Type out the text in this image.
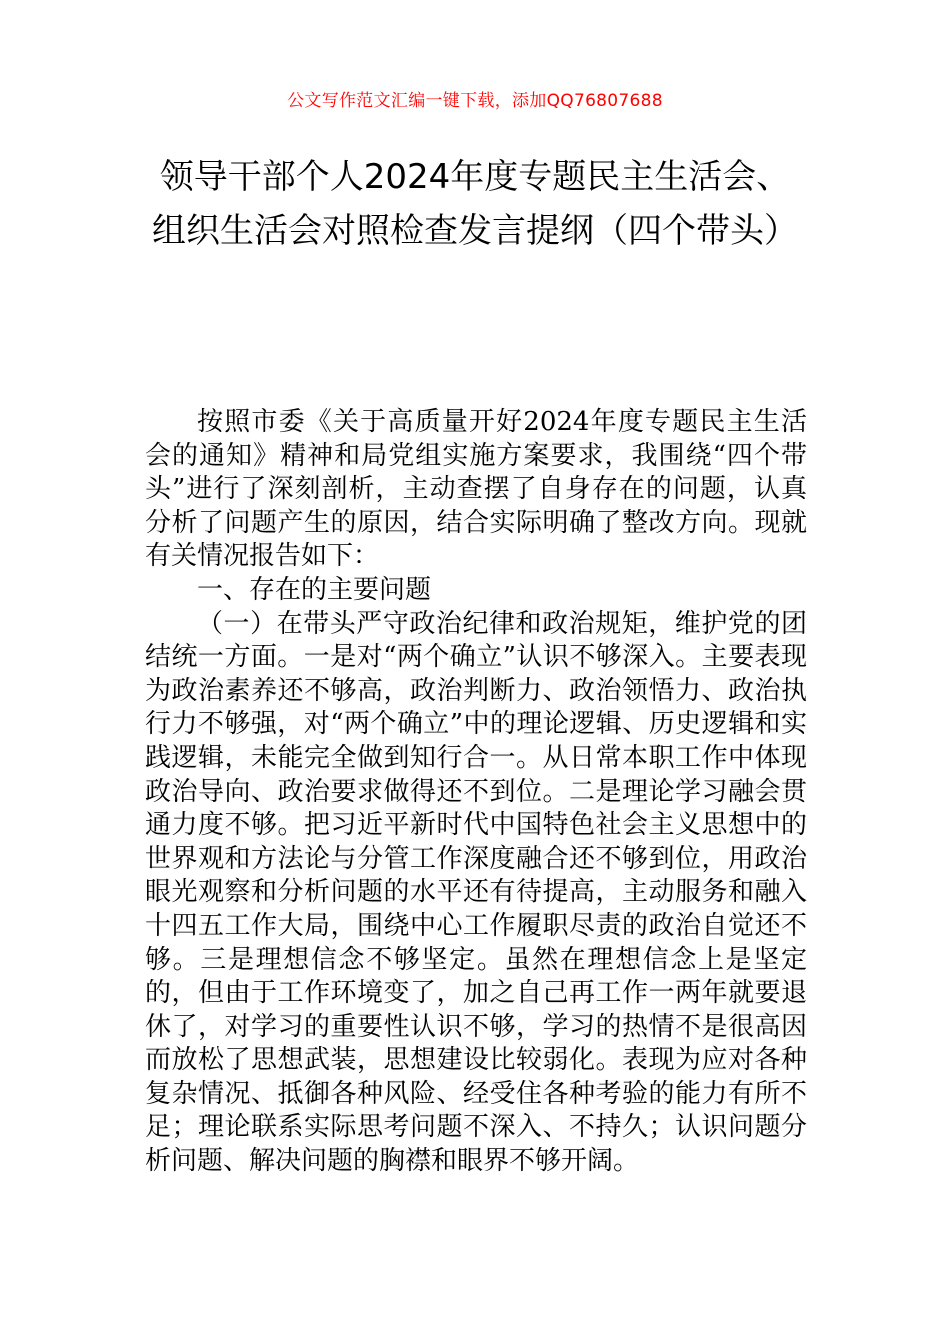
公文写作范文汇编一键下载，添加QQ76807688
领导干部个人2024年度专题民主生活会、组织生活会对照检查发言提纲（四个带头）

按照市委《关于高质量开好2024年度专题民主生活会的通知》精神和局党组实施方案要求，我围绕“四个带头”进行了深刻剖析，主动查摆了自身存在的问题，认真分析了问题产生的原因，结合实际明确了整改方向。现就有关情况报告如下：

一、存在的主要问题

（一）在带头严守政治纪律和政治规矩，维护党的团结统一方面。一是对“两个确立”认识不够深入。主要表现为政治素养还不够高，政治判断力、政治领悟力、政治执行力不够强，对“两个确立”中的理论逻辑、历史逻辑和实践逻辑，未能完全做到知行合一。从日常本职工作中体现政治导向、政治要求做得还不到位。二是理论学习融会贯通力度不够。把习近平新时代中国特色社会主义思想中的世界观和方法论与分管工作深度融合还不够到位，用政治眼光观察和分析问题的水平还有待提高，主动服务和融入十四五工作大局，围绕中心工作履职尽责的政治自觉还不够。三是理想信念不够坚定。虽然在理想信念上是坚定的，但由于工作环境变了，加之自己再工作一两年就要退休了，对学习的重要性认识不够，学习的热情不是很高因而放松了思想武装，思想建设比较弱化。表现为应对各种复杂情况、抵御各种风险、经受住各种考验的能力有所不足；理论联系实际思考问题不深入、不持久；认识问题分析问题、解决问题的胸襟和眼界不够开阔。
